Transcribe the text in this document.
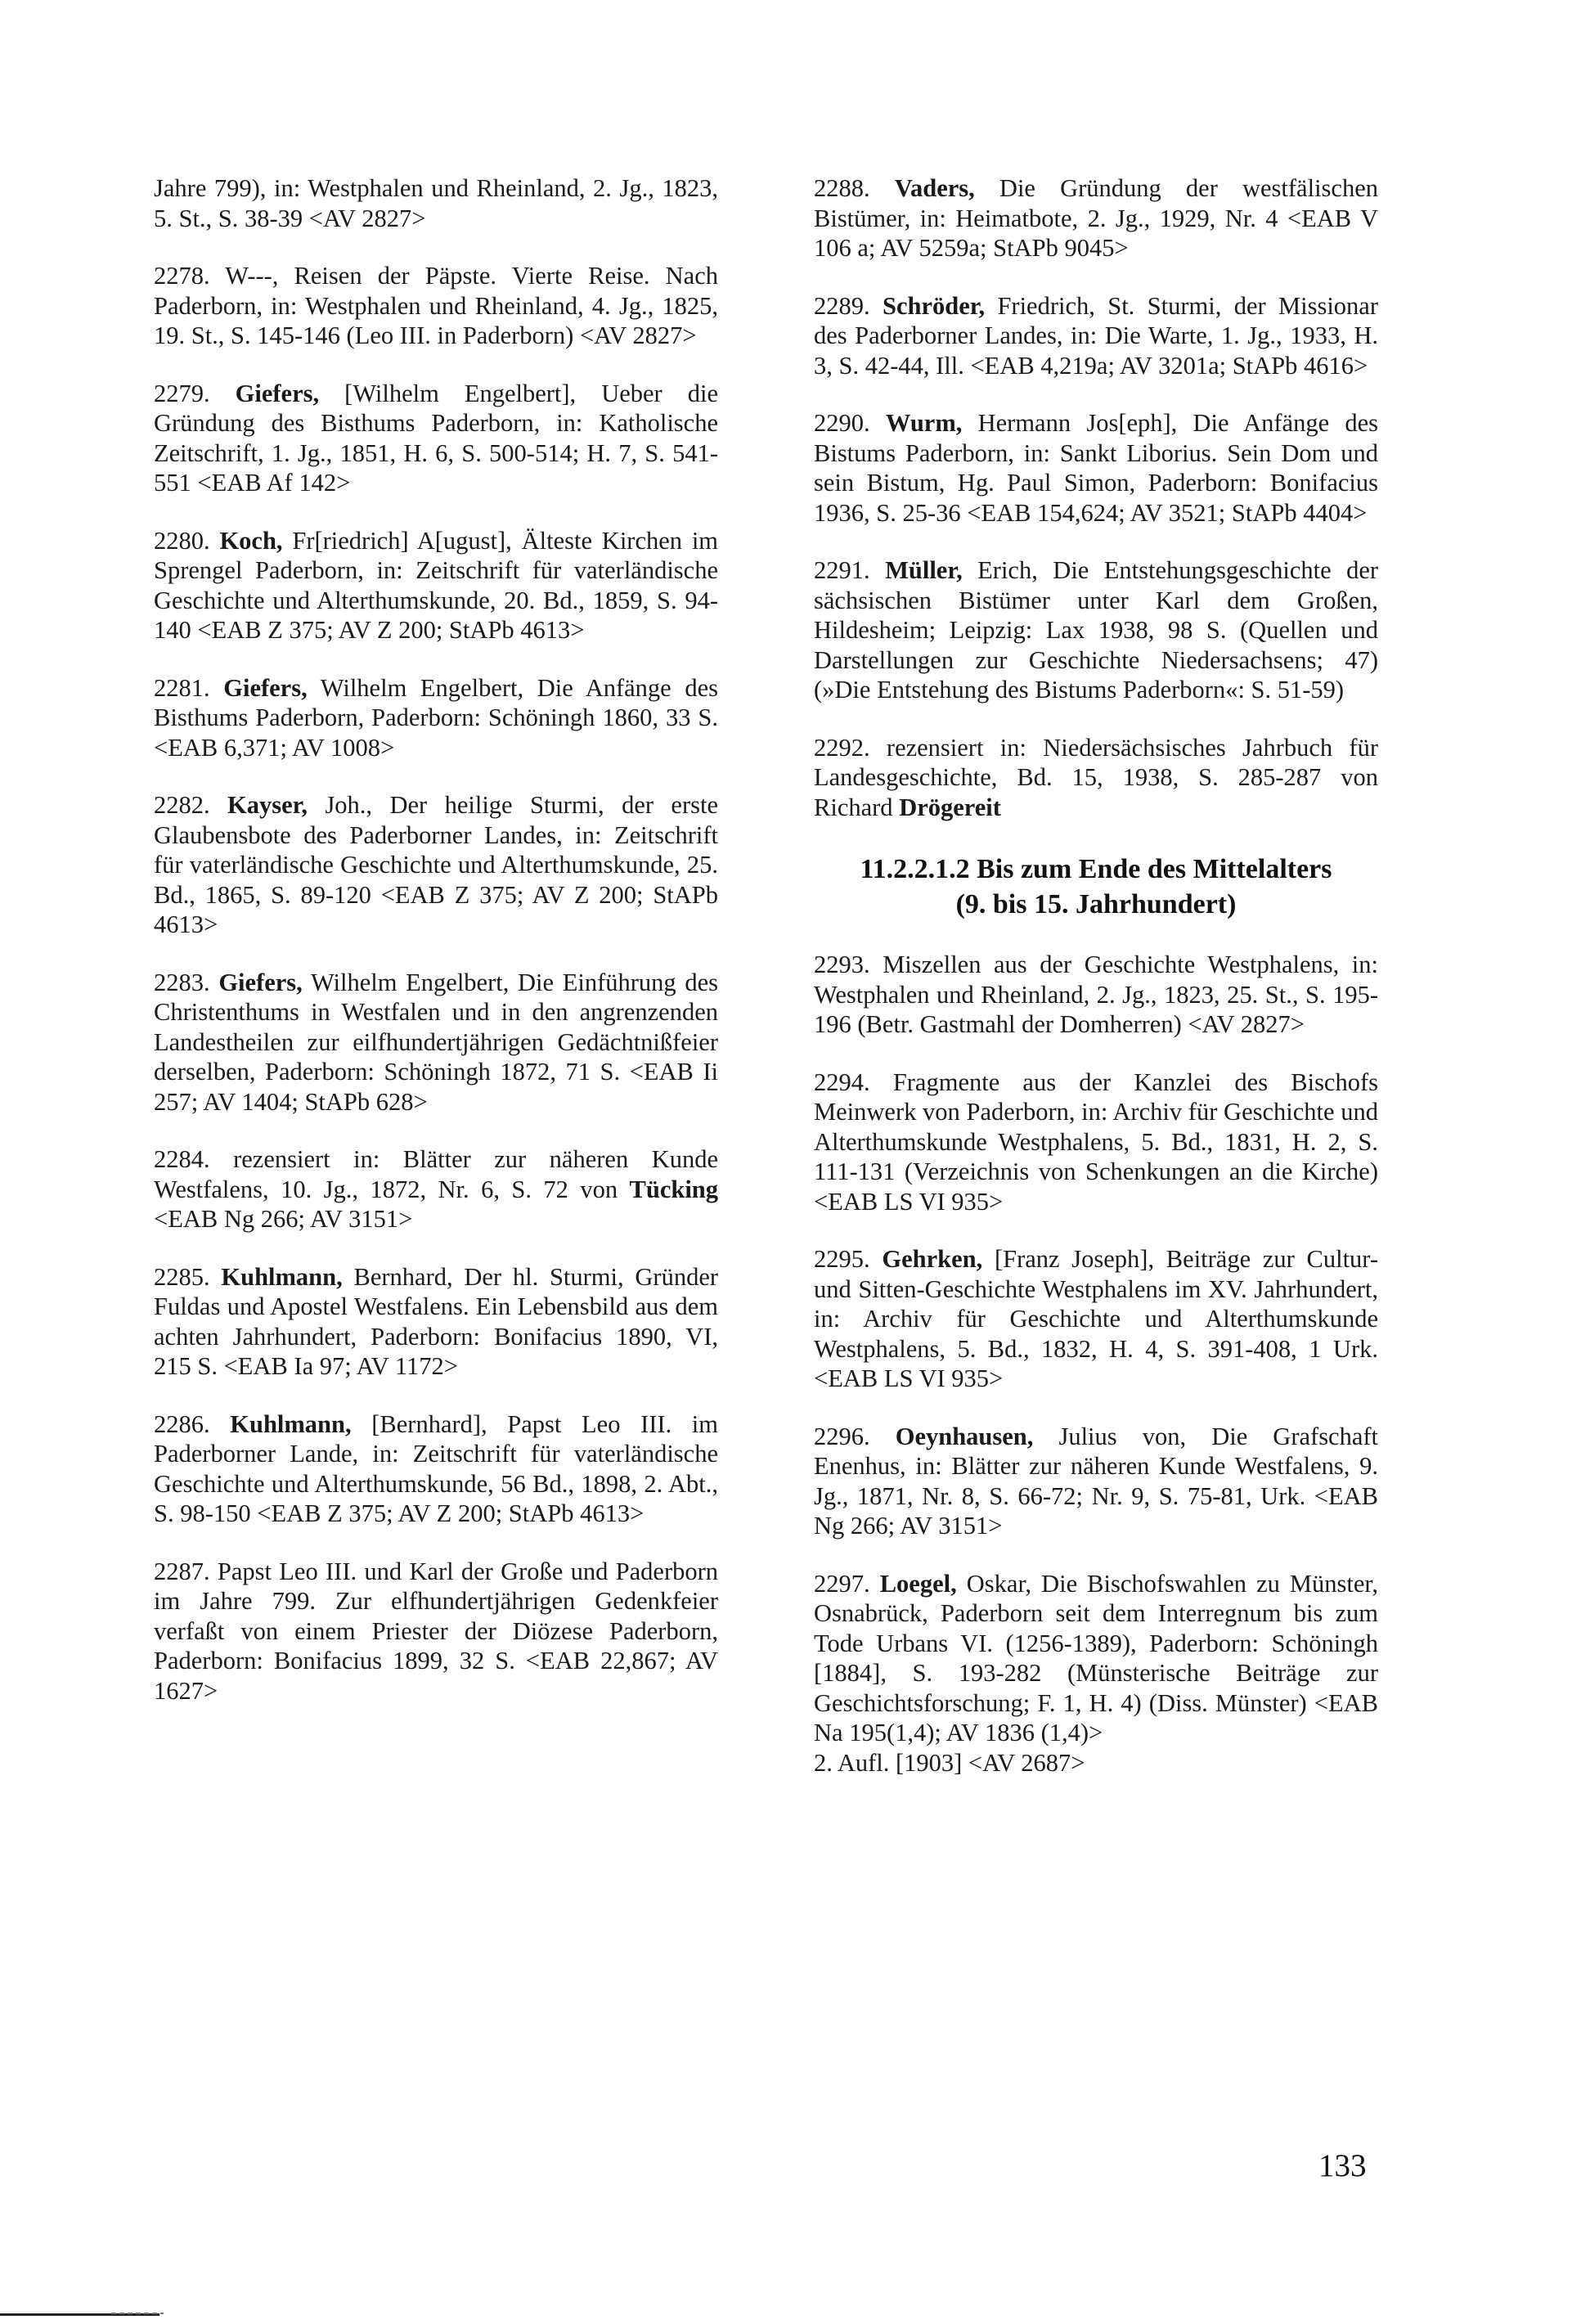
Jahre 799), in: Westphalen und Rheinland, 2. Jg., 1823, 5. St., S. 38-39 <AV 2827>
2278. W---, Reisen der Päpste. Vierte Reise. Nach Paderborn, in: Westphalen und Rheinland, 4. Jg., 1825, 19. St., S. 145-146 (Leo III. in Paderborn) <AV 2827>
2279. Giefers, [Wilhelm Engelbert], Ueber die Gründung des Bisthums Paderborn, in: Katholische Zeitschrift, 1. Jg., 1851, H. 6, S. 500-514; H. 7, S. 541-551 <EAB Af 142>
2280. Koch, Fr[riedrich] A[ugust], Älteste Kirchen im Sprengel Paderborn, in: Zeitschrift für vaterländische Geschichte und Alterthumskunde, 20. Bd., 1859, S. 94-140 <EAB Z 375; AV Z 200; StAPb 4613>
2281. Giefers, Wilhelm Engelbert, Die Anfänge des Bisthums Paderborn, Paderborn: Schöningh 1860, 33 S. <EAB 6,371; AV 1008>
2282. Kayser, Joh., Der heilige Sturmi, der erste Glaubensbote des Paderborner Landes, in: Zeitschrift für vaterländische Geschichte und Alterthumskunde, 25. Bd., 1865, S. 89-120 <EAB Z 375; AV Z 200; StAPb 4613>
2283. Giefers, Wilhelm Engelbert, Die Einführung des Christenthums in Westfalen und in den angrenzenden Landestheilen zur eilfhundertjährigen Gedächtnißfeier derselben, Paderborn: Schöningh 1872, 71 S. <EAB Ii 257; AV 1404; StAPb 628>
2284. rezensiert in: Blätter zur näheren Kunde Westfalens, 10. Jg., 1872, Nr. 6, S. 72 von Tücking <EAB Ng 266; AV 3151>
2285. Kuhlmann, Bernhard, Der hl. Sturmi, Gründer Fuldas und Apostel Westfalens. Ein Lebensbild aus dem achten Jahrhundert, Paderborn: Bonifacius 1890, VI, 215 S. <EAB Ia 97; AV 1172>
2286. Kuhlmann, [Bernhard], Papst Leo III. im Paderborner Lande, in: Zeitschrift für vaterländische Geschichte und Alterthumskunde, 56 Bd., 1898, 2. Abt., S. 98-150 <EAB Z 375; AV Z 200; StAPb 4613>
2287. Papst Leo III. und Karl der Große und Paderborn im Jahre 799. Zur elfhundertjährigen Gedenkfeier verfaßt von einem Priester der Diözese Paderborn, Paderborn: Bonifacius 1899, 32 S. <EAB 22,867; AV 1627>
2288. Vaders, Die Gründung der westfälischen Bistümer, in: Heimatbote, 2. Jg., 1929, Nr. 4 <EAB V 106 a; AV 5259a; StAPb 9045>
2289. Schröder, Friedrich, St. Sturmi, der Missionar des Paderborner Landes, in: Die Warte, 1. Jg., 1933, H. 3, S. 42-44, Ill. <EAB 4,219a; AV 3201a; StAPb 4616>
2290. Wurm, Hermann Jos[eph], Die Anfänge des Bistums Paderborn, in: Sankt Liborius. Sein Dom und sein Bistum, Hg. Paul Simon, Paderborn: Bonifacius 1936, S. 25-36 <EAB 154,624; AV 3521; StAPb 4404>
2291. Müller, Erich, Die Entstehungsgeschichte der sächsischen Bistümer unter Karl dem Großen, Hildesheim; Leipzig: Lax 1938, 98 S. (Quellen und Darstellungen zur Geschichte Niedersachsens; 47) (»Die Entstehung des Bistums Paderborn«: S. 51-59)
2292. rezensiert in: Niedersächsisches Jahrbuch für Landesgeschichte, Bd. 15, 1938, S. 285-287 von Richard Drögereit
11.2.2.1.2 Bis zum Ende des Mittelalters
(9. bis 15. Jahrhundert)
2293. Miszellen aus der Geschichte Westphalens, in: Westphalen und Rheinland, 2. Jg., 1823, 25. St., S. 195-196 (Betr. Gastmahl der Domherren) <AV 2827>
2294. Fragmente aus der Kanzlei des Bischofs Meinwerk von Paderborn, in: Archiv für Geschichte und Alterthumskunde Westphalens, 5. Bd., 1831, H. 2, S. 111-131 (Verzeichnis von Schenkungen an die Kirche) <EAB LS VI 935>
2295. Gehrken, [Franz Joseph], Beiträge zur Cultur- und Sitten-Geschichte Westphalens im XV. Jahrhundert, in: Archiv für Geschichte und Alterthumskunde Westphalens, 5. Bd., 1832, H. 4, S. 391-408, 1 Urk. <EAB LS VI 935>
2296. Oeynhausen, Julius von, Die Grafschaft Enenhus, in: Blätter zur näheren Kunde Westfalens, 9. Jg., 1871, Nr. 8, S. 66-72; Nr. 9, S. 75-81, Urk. <EAB Ng 266; AV 3151>
2297. Loegel, Oskar, Die Bischofswahlen zu Münster, Osnabrück, Paderborn seit dem Interregnum bis zum Tode Urbans VI. (1256-1389), Paderborn: Schöningh [1884], S. 193-282 (Münsterische Beiträge zur Geschichtsforschung; F. 1, H. 4) (Diss. Münster) <EAB Na 195(1,4); AV 1836 (1,4)>
2. Aufl. [1903] <AV 2687>
133
